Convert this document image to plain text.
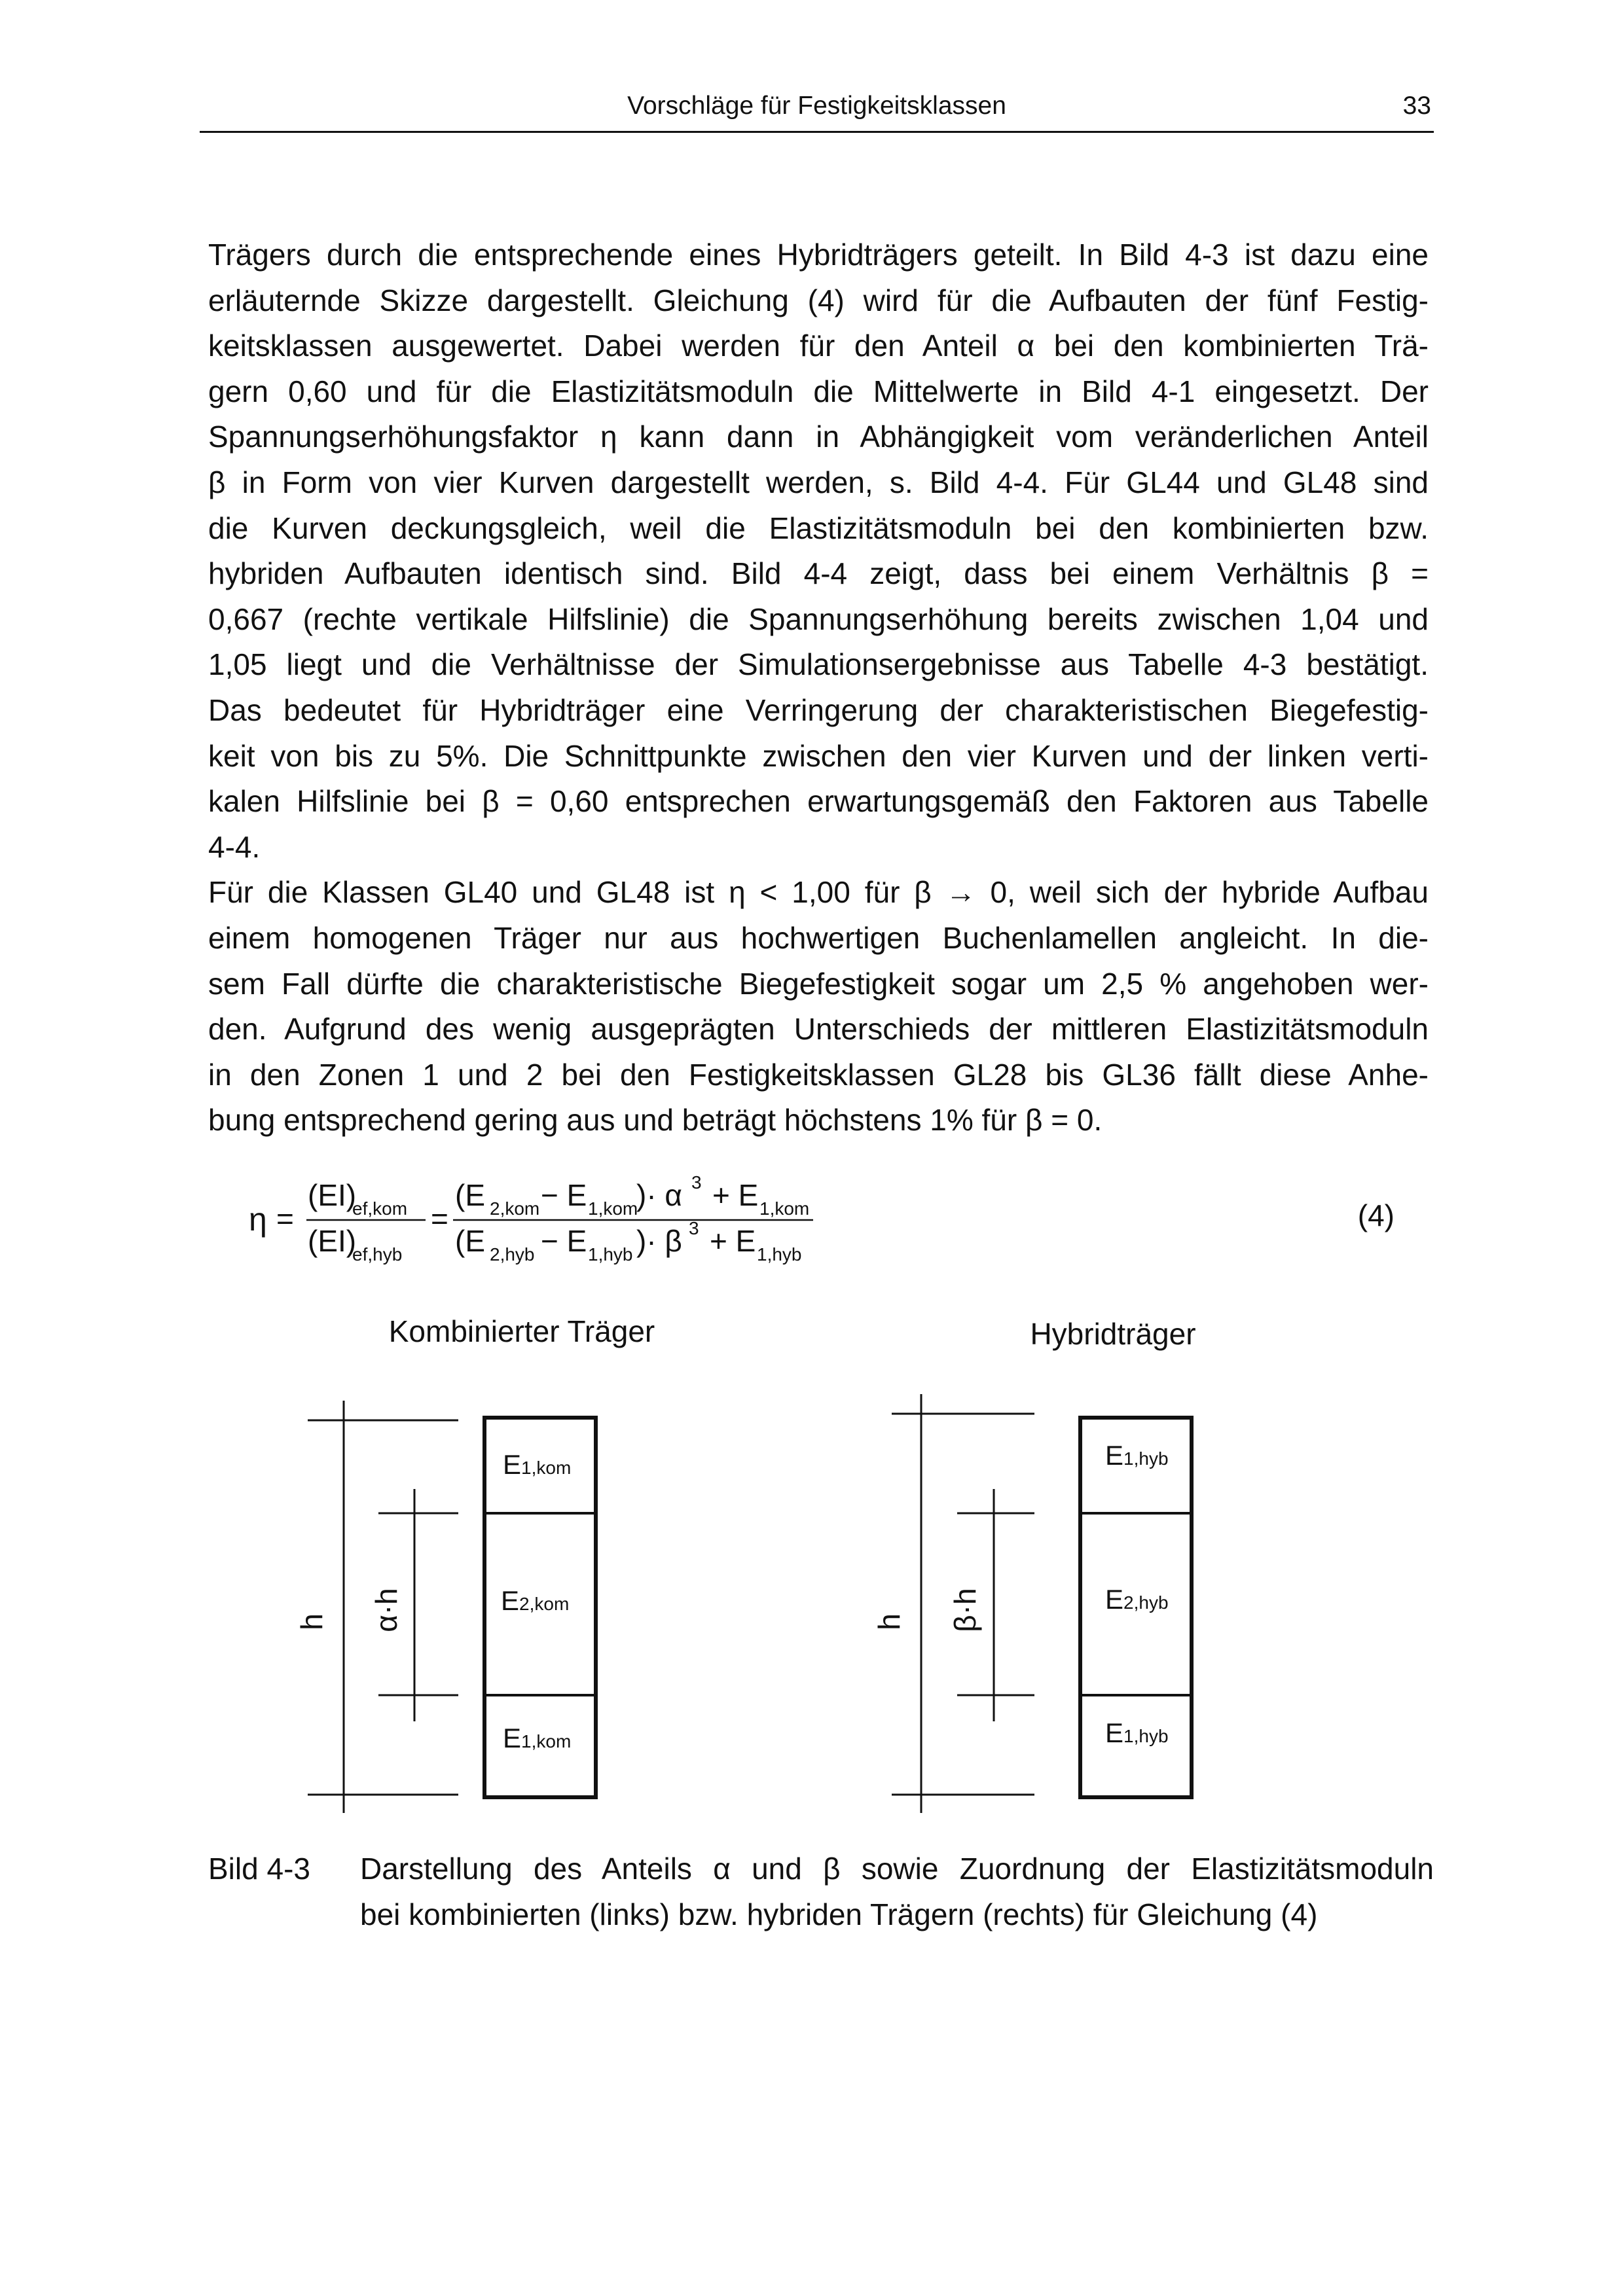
Vorschläge für Festigkeitsklassen	33
Trägers durch die entsprechende eines Hybridträgers geteilt. In Bild 4-3 ist dazu eine
erläuternde Skizze dargestellt. Gleichung (4) wird für die Aufbauten der fünf Festig-
keitsklassen ausgewertet. Dabei werden für den Anteil α bei den kombinierten Trä-
gern 0,60 und für die Elastizitätsmoduln die Mittelwerte in Bild 4-1 eingesetzt. Der
Spannungserhöhungsfaktor η kann dann in Abhängigkeit vom veränderlichen Anteil
β in Form von vier Kurven dargestellt werden, s. Bild 4-4. Für GL44 und GL48 sind
die Kurven deckungsgleich, weil die Elastizitätsmoduln bei den kombinierten bzw.
hybriden Aufbauten identisch sind. Bild 4-4 zeigt, dass bei einem Verhältnis β =
0,667 (rechte vertikale Hilfslinie) die Spannungserhöhung bereits zwischen 1,04 und
1,05 liegt und die Verhältnisse der Simulationsergebnisse aus Tabelle 4-3 bestätigt.
Das bedeutet für Hybridträger eine Verringerung der charakteristischen Biegefestig-
keit von bis zu 5%. Die Schnittpunkte zwischen den vier Kurven und der linken verti-
kalen Hilfslinie bei β = 0,60 entsprechen erwartungsgemäß den Faktoren aus Tabelle
4-4.
Für die Klassen GL40 und GL48 ist η < 1,00 für β → 0, weil sich der hybride Aufbau
einem homogenen Träger nur aus hochwertigen Buchenlamellen angleicht. In die-
sem Fall dürfte die charakteristische Biegefestigkeit sogar um 2,5 % angehoben wer-
den. Aufgrund des wenig ausgeprägten Unterschieds der mittleren Elastizitätsmoduln
in den Zonen 1 und 2 bei den Festigkeitsklassen GL28 bis GL36 fällt diese Anhe-
bung entsprechend gering aus und beträgt höchstens 1% für β = 0.
η =
(EI)
ef,kom
(EI)
ef,hyb
=
(E 2,kom − E 1,kom
)· α 3 + E 1,kom
(E 2,hyb − E 1,hyb )· β 3 + E 1,hyb
(4)
Kombinierter Träger
h α·h
E1,kom
E2,kom
E1,kom
Hybridträger
h β·h
E1,hyb
E2,hyb
E1,hyb
Bild 4-3 Darstellung des Anteils α und β sowie Zuordnung der Elastizitätsmoduln
bei kombinierten (links) bzw. hybriden Trägern (rechts) für Gleichung (4)
